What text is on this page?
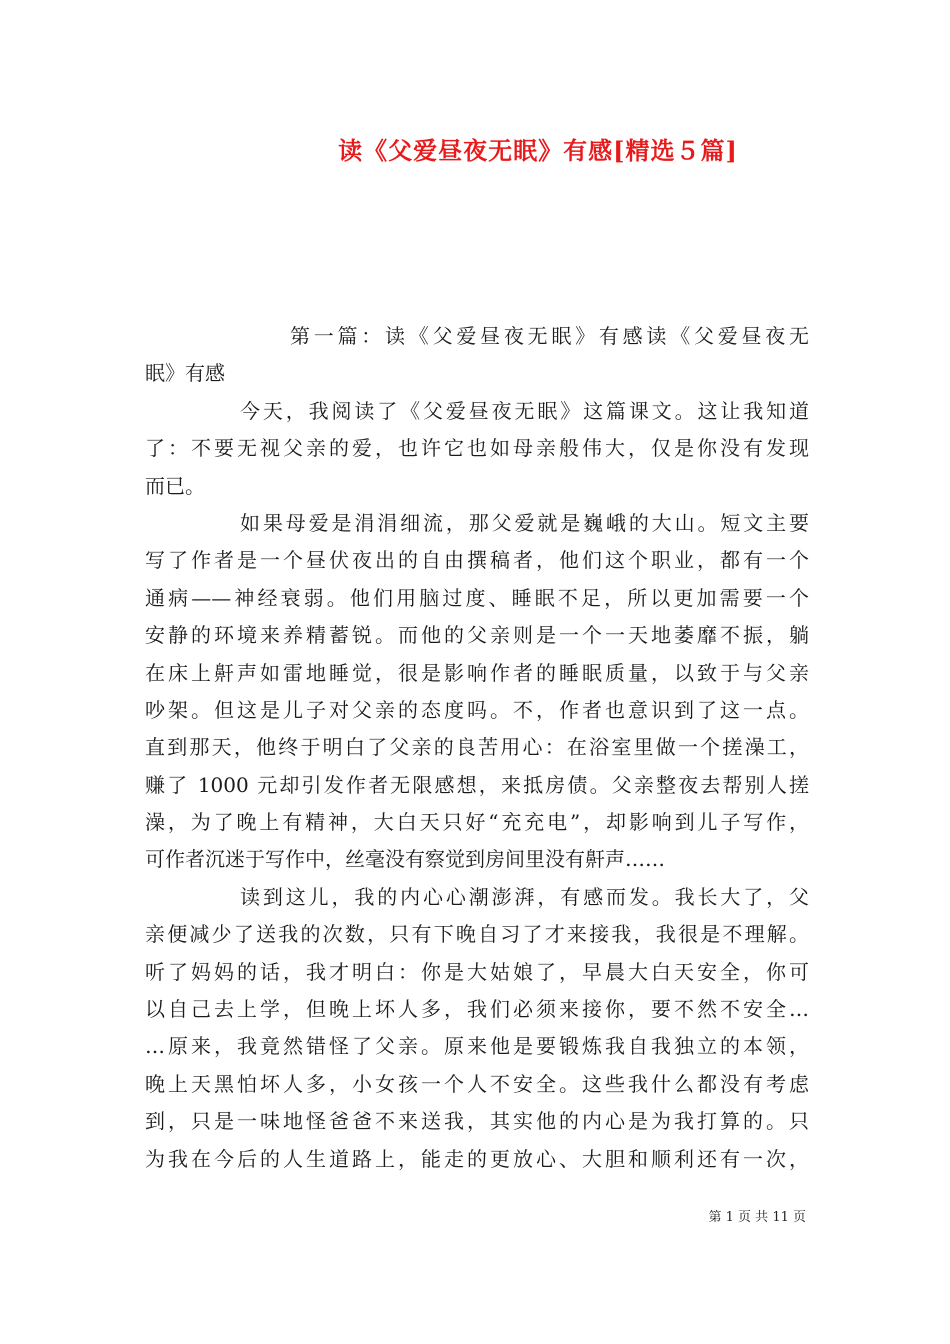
读《父爱昼夜无眠》有感[精选５篇]
第一篇：读《父爱昼夜无眠》有感读《父爱昼夜无
眠》有感
今天，我阅读了《父爱昼夜无眠》这篇课文。这让我知道
了：不要无视父亲的爱，也许它也如母亲般伟大，仅是你没有发现
而已。
如果母爱是涓涓细流，那父爱就是巍峨的大山。短文主要
写了作者是一个昼伏夜出的自由撰稿者，他们这个职业，都有一个
通病——神经衰弱。他们用脑过度、睡眠不足，所以更加需要一个
安静的环境来养精蓄锐。而他的父亲则是一个一天地萎靡不振，躺
在床上鼾声如雷地睡觉，很是影响作者的睡眠质量，以致于与父亲
吵架。但这是儿子对父亲的态度吗。不，作者也意识到了这一点。
直到那天，他终于明白了父亲的良苦用心：在浴室里做一个搓澡工，
赚了 1000 元却引发作者无限感想，来抵房债。父亲整夜去帮别人搓
澡，为了晚上有精神，大白天只好“充充电”，却影响到儿子写作，
可作者沉迷于写作中，丝毫没有察觉到房间里没有鼾声……
读到这儿，我的内心心潮澎湃，有感而发。我长大了，父
亲便减少了送我的次数，只有下晚自习了才来接我，我很是不理解。
听了妈妈的话，我才明白：你是大姑娘了，早晨大白天安全，你可
以自己去上学，但晚上坏人多，我们必须来接你，要不然不安全…
…原来，我竟然错怪了父亲。原来他是要锻炼我自我独立的本领，
晚上天黑怕坏人多，小女孩一个人不安全。这些我什么都没有考虑
到，只是一味地怪爸爸不来送我，其实他的内心是为我打算的。只
为我在今后的人生道路上，能走的更放心、大胆和顺利还有一次，
第 1 页 共 11 页
